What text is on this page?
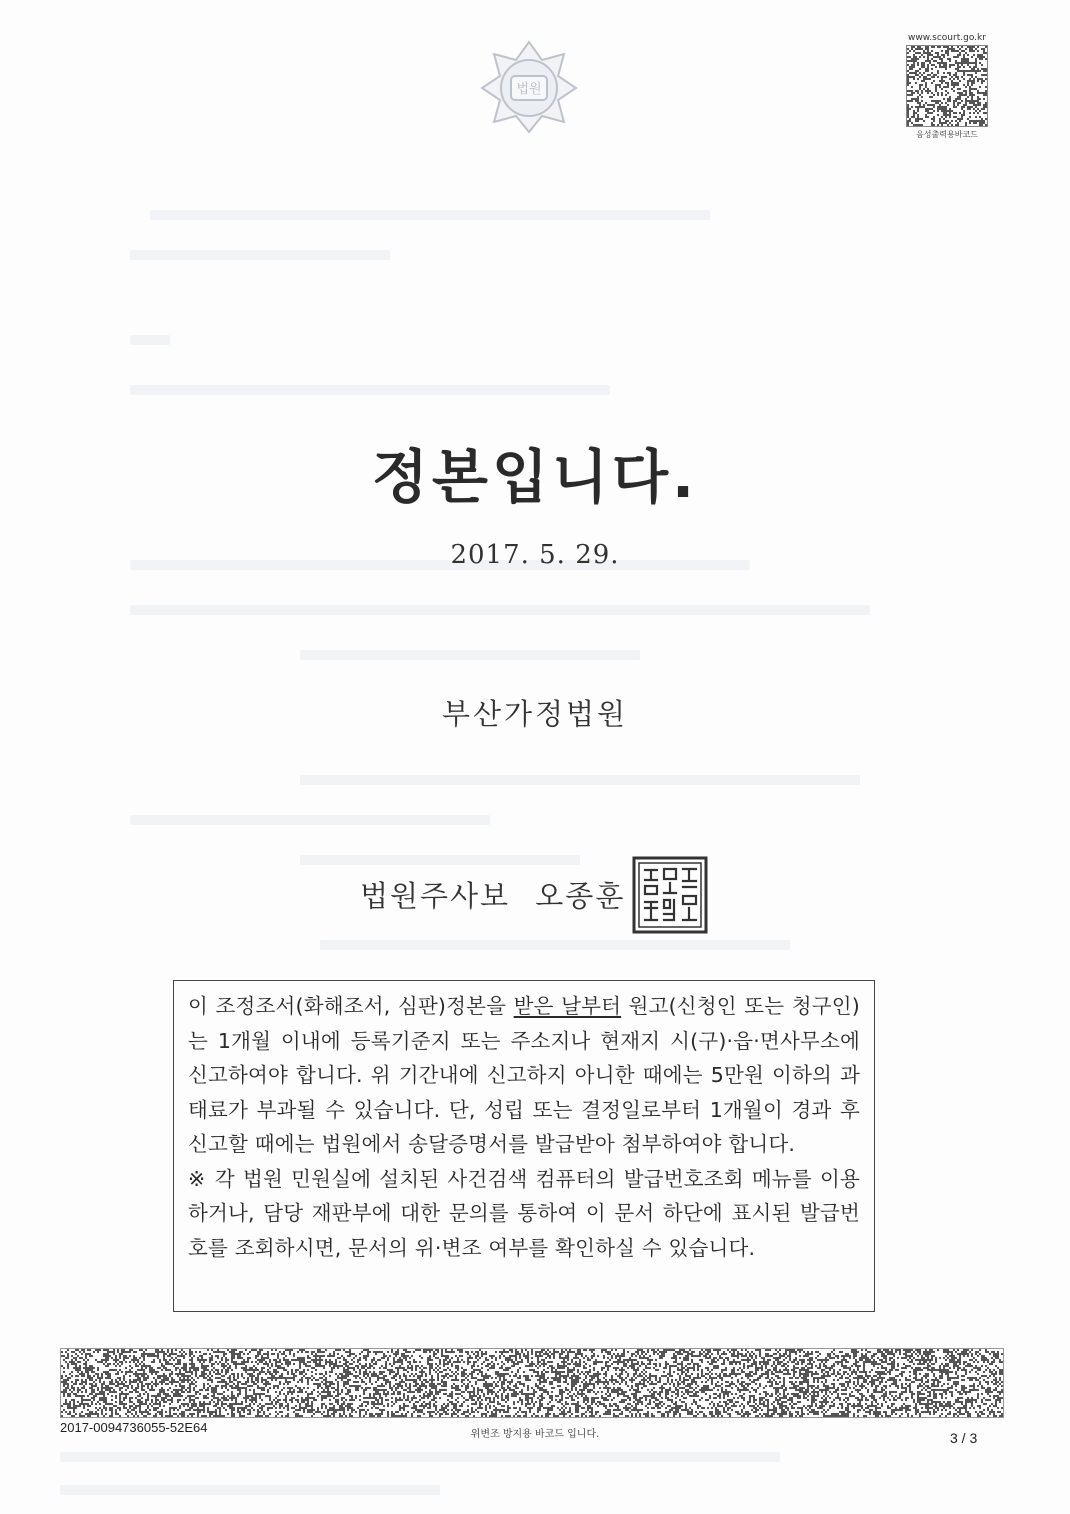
법원
www.scourt.go.kr
음성출력용바코드
정본입니다.
2017. 5. 29.
부산가정법원
법원주사보 오종훈

이 조정조서(화해조서, 심판)정본을 받은 날부터 원고(신청인 또는 청구인)는 1개월 이내에 등록기준지 또는 주소지나 현재지 시(구)·읍·면사무소에 신고하여야 합니다. 위 기간내에 신고하지 아니한 때에는 5만원 이하의 과태료가 부과될 수 있습니다. 단, 성립 또는 결정일로부터 1개월이 경과 후 신고할 때에는 법원에서 송달증명서를 발급받아 첨부하여야 합니다.

※ 각 법원 민원실에 설치된 사건검색 컴퓨터의 발급번호조회 메뉴를 이용하거나, 담당 재판부에 대한 문의를 통하여 이 문서 하단에 표시된 발급번호를 조회하시면, 문서의 위·변조 여부를 확인하실 수 있습니다.

2017-0094736055-52E64	위변조 방지용 바코드 입니다.	3 / 3
